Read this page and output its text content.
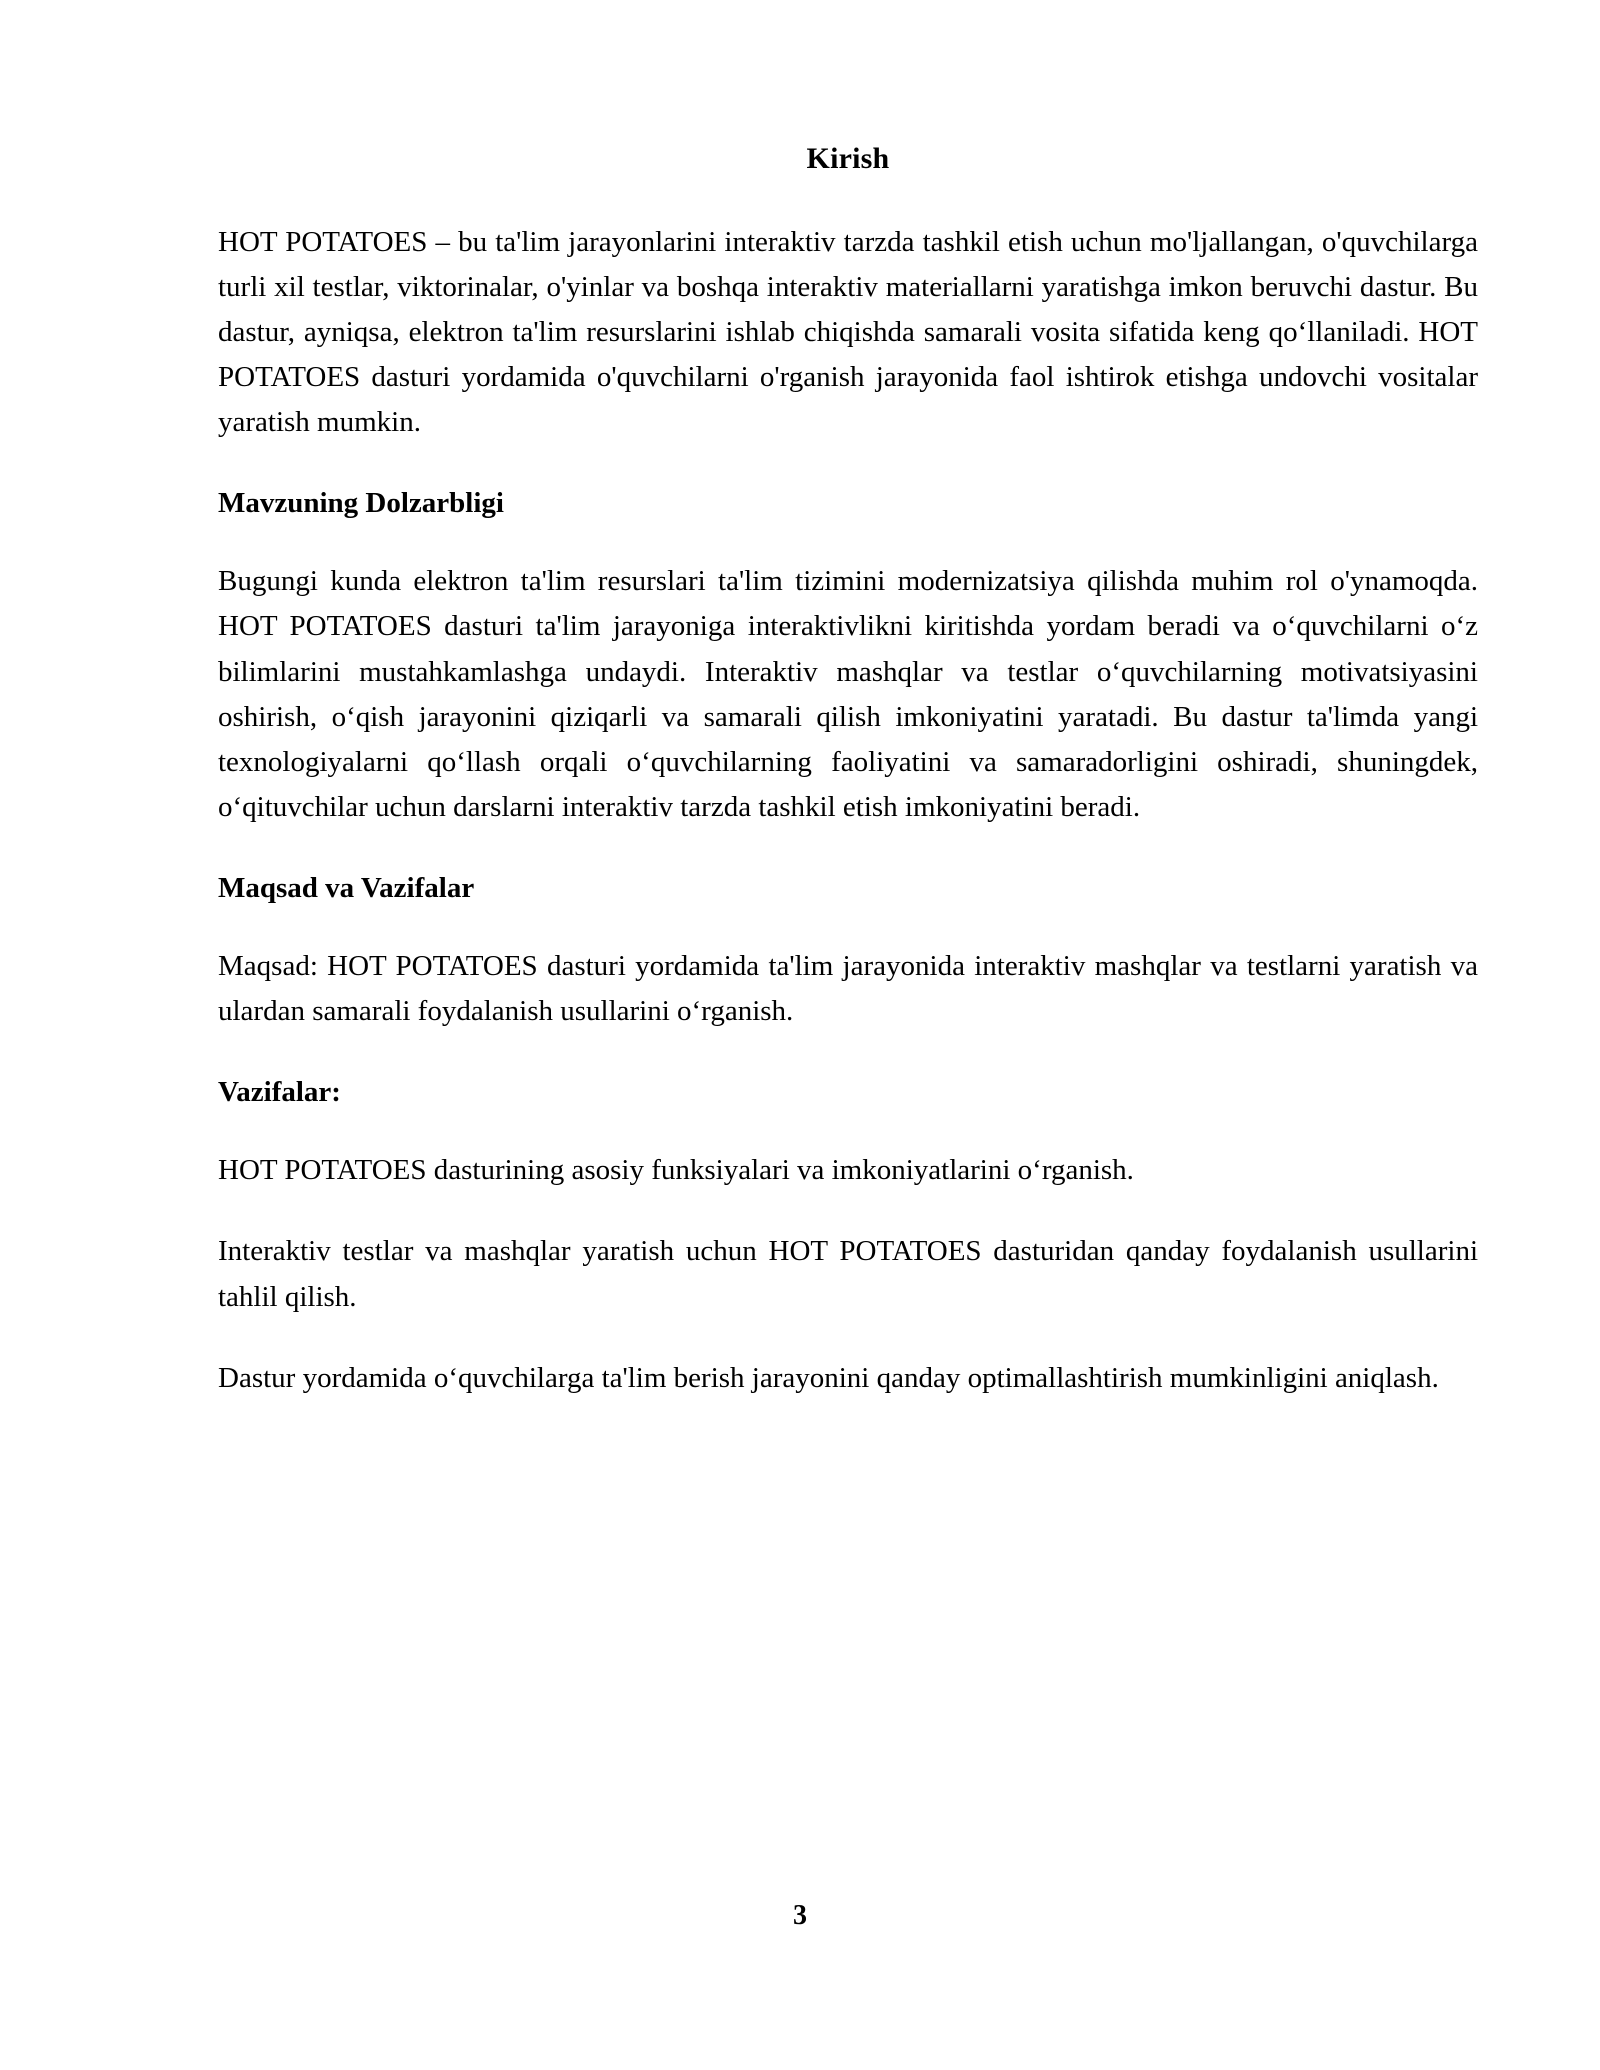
Kirish

HOT POTATOES – bu ta'lim jarayonlarini interaktiv tarzda tashkil etish uchun mo'ljallangan, o'quvchilarga turli xil testlar, viktorinalar, o'yinlar va boshqa interaktiv materiallarni yaratishga imkon beruvchi dastur. Bu dastur, ayniqsa, elektron ta'lim resurslarini ishlab chiqishda samarali vosita sifatida keng qo‘llaniladi. HOT POTATOES dasturi yordamida o'quvchilarni o'rganish jarayonida faol ishtirok etishga undovchi vositalar yaratish mumkin.

Mavzuning Dolzarbligi

Bugungi kunda elektron ta'lim resurslari ta'lim tizimini modernizatsiya qilishda muhim rol o'ynamoqda. HOT POTATOES dasturi ta'lim jarayoniga interaktivlikni kiritishda yordam beradi va o‘quvchilarni o‘z bilimlarini mustahkamlashga undaydi. Interaktiv mashqlar va testlar o‘quvchilarning motivatsiyasini oshirish, o‘qish jarayonini qiziqarli va samarali qilish imkoniyatini yaratadi. Bu dastur ta'limda yangi texnologiyalarni qo‘llash orqali o‘quvchilarning faoliyatini va samaradorligini oshiradi, shuningdek, o‘qituvchilar uchun darslarni interaktiv tarzda tashkil etish imkoniyatini beradi.

Maqsad va Vazifalar

Maqsad: HOT POTATOES dasturi yordamida ta'lim jarayonida interaktiv mashqlar va testlarni yaratish va ulardan samarali foydalanish usullarini o‘rganish.

Vazifalar:

HOT POTATOES dasturining asosiy funksiyalari va imkoniyatlarini o‘rganish.

Interaktiv testlar va mashqlar yaratish uchun HOT POTATOES dasturidan qanday foydalanish usullarini tahlil qilish.

Dastur yordamida o‘quvchilarga ta'lim berish jarayonini qanday optimallashtirish mumkinligini aniqlash.

3
